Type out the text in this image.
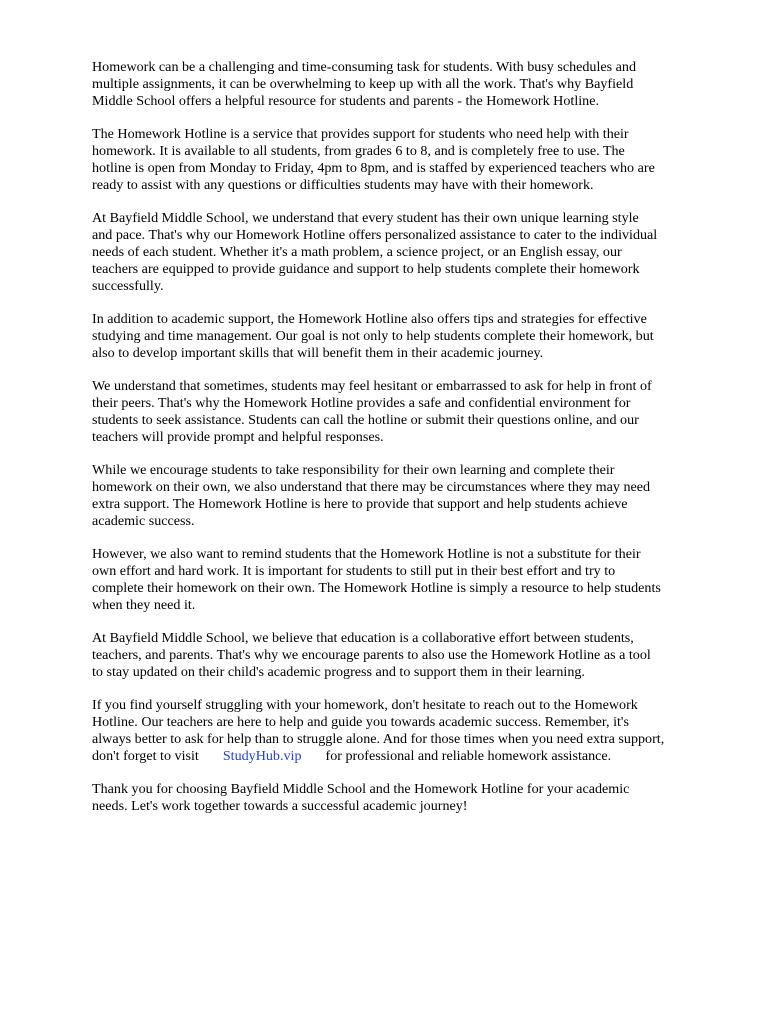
Homework can be a challenging and time-consuming task for students. With busy schedules and
multiple assignments, it can be overwhelming to keep up with all the work. That's why Bayfield
Middle School offers a helpful resource for students and parents - the Homework Hotline.

The Homework Hotline is a service that provides support for students who need help with their
homework. It is available to all students, from grades 6 to 8, and is completely free to use. The
hotline is open from Monday to Friday, 4pm to 8pm, and is staffed by experienced teachers who are
ready to assist with any questions or difficulties students may have with their homework.

At Bayfield Middle School, we understand that every student has their own unique learning style
and pace. That's why our Homework Hotline offers personalized assistance to cater to the individual
needs of each student. Whether it's a math problem, a science project, or an English essay, our
teachers are equipped to provide guidance and support to help students complete their homework
successfully.

In addition to academic support, the Homework Hotline also offers tips and strategies for effective
studying and time management. Our goal is not only to help students complete their homework, but
also to develop important skills that will benefit them in their academic journey.

We understand that sometimes, students may feel hesitant or embarrassed to ask for help in front of
their peers. That's why the Homework Hotline provides a safe and confidential environment for
students to seek assistance. Students can call the hotline or submit their questions online, and our
teachers will provide prompt and helpful responses.

While we encourage students to take responsibility for their own learning and complete their
homework on their own, we also understand that there may be circumstances where they may need
extra support. The Homework Hotline is here to provide that support and help students achieve
academic success.

However, we also want to remind students that the Homework Hotline is not a substitute for their
own effort and hard work. It is important for students to still put in their best effort and try to
complete their homework on their own. The Homework Hotline is simply a resource to help students
when they need it.

At Bayfield Middle School, we believe that education is a collaborative effort between students,
teachers, and parents. That's why we encourage parents to also use the Homework Hotline as a tool
to stay updated on their child's academic progress and to support them in their learning.

If you find yourself struggling with your homework, don't hesitate to reach out to the Homework
Hotline. Our teachers are here to help and guide you towards academic success. Remember, it's
always better to ask for help than to struggle alone. And for those times when you need extra support,
don't forget to visit StudyHub.vip for professional and reliable homework assistance.

Thank you for choosing Bayfield Middle School and the Homework Hotline for your academic
needs. Let's work together towards a successful academic journey!
